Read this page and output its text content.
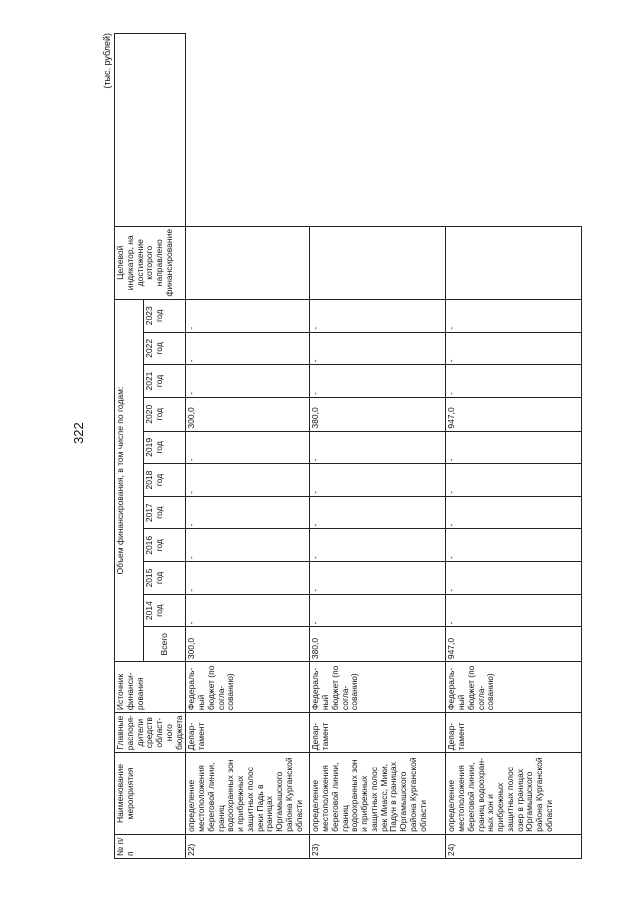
322
(тыс. рублей)
№ п/п	Наименование мероприятия	Главные распоря-дители средств област-ного бюджета	Источник финанси-рования	Объем финансирования, в том числе по годам:											Целевой индикатор, на достижение которого направлено финансирование	
				Всего	2014 год	2015 год	2016 год	2017 год	2018 год	2019 год	2020 год	2021 год	2022 год	2023 год		
22)	определение местоположения береговой линии, границ водоохранных зон и прибрежных защитных полос реки Падь в границах Юргамышского района Курганской области	Депар-тамент	Федераль-ный бюджет (по согла-сованию)	300,0	-	-	-	-	-	-	300,0	-	-	-		
23)	определение местоположения береговой линии, границ водоохранных зон и прибрежных защитных полос рек Миасс, Мики, Падун в границах Юргамышского района Курганской области	Депар-тамент	Федераль-ный бюджет (по согла-сованию)	380,0	-	-	-	-	-	-	380,0	-	-	-		
24)	определение местоположения береговой линии, границ водоохран-ных зон и прибрежных защитных полос озер в границах Юргамышского района Курганской области	Депар-тамент	Федераль-ный бюджет (по согла-сованию)	947,0	-	-	-	-	-	-	947,0	-	-	-		
